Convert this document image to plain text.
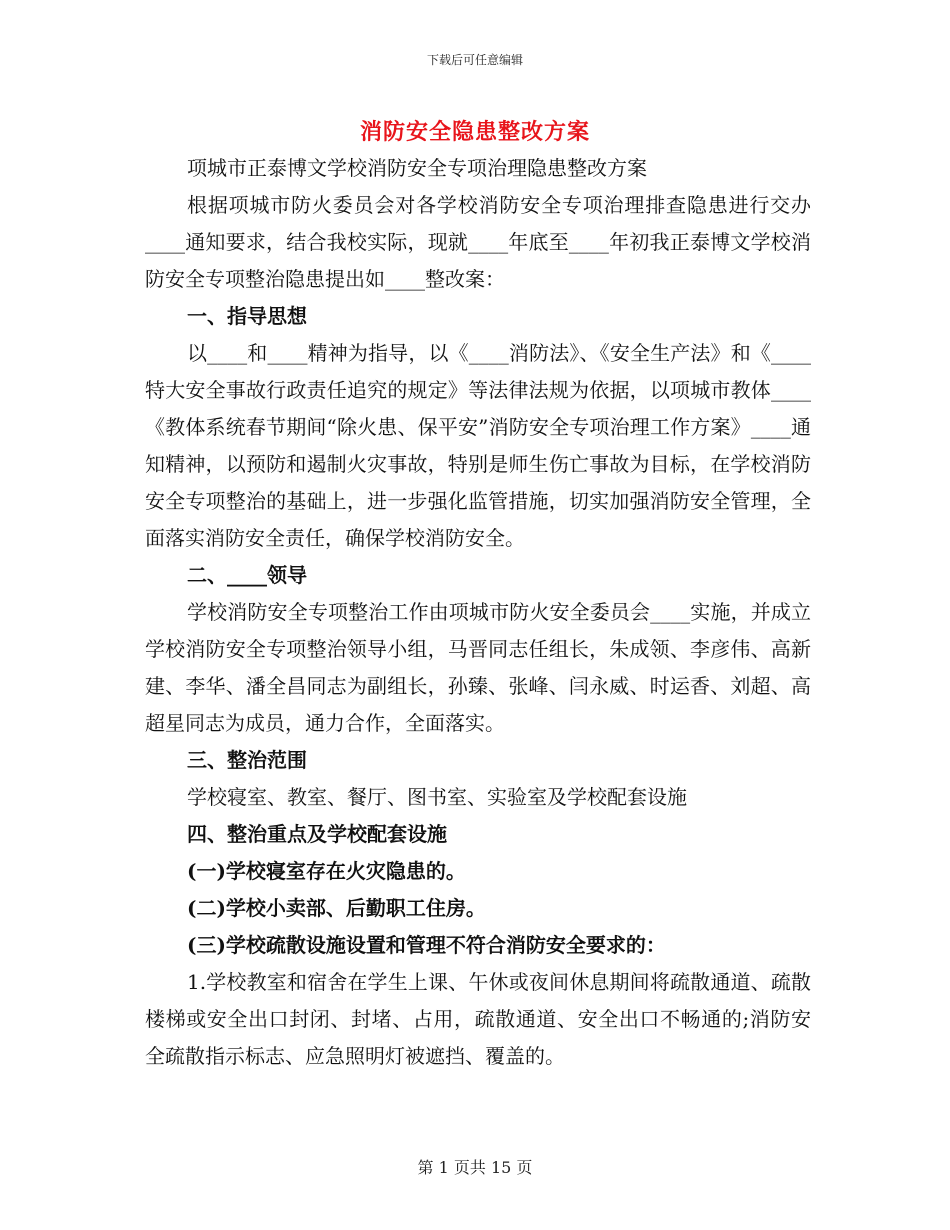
下载后可任意编辑
消防安全隐患整改方案

项城市正泰博文学校消防安全专项治理隐患整改方案

根据项城市防火委员会对各学校消防安全专项治理排查隐患进行交办____通知要求，结合我校实际，现就____年底至____年初我正泰博文学校消防安全专项整治隐患提出如____整改案：

一、指导思想

以____和____精神为指导，以《____消防法》、《安全生产法》和《____特大安全事故行政责任追究的规定》等法律法规为依据，以项城市教体____《教体系统春节期间“除火患、保平安”消防安全专项治理工作方案》____通知精神，以预防和遏制火灾事故，特别是师生伤亡事故为目标，在学校消防安全专项整治的基础上，进一步强化监管措施，切实加强消防安全管理，全面落实消防安全责任，确保学校消防安全。

二、____领导

学校消防安全专项整治工作由项城市防火安全委员会____实施，并成立学校消防安全专项整治领导小组，马晋同志任组长，朱成领、李彦伟、高新建、李华、潘全昌同志为副组长，孙臻、张峰、闫永威、时运香、刘超、高超星同志为成员，通力合作，全面落实。

三、整治范围

学校寝室、教室、餐厅、图书室、实验室及学校配套设施

四、整治重点及学校配套设施

(一)学校寝室存在火灾隐患的。

(二)学校小卖部、后勤职工住房。

(三)学校疏散设施设置和管理不符合消防安全要求的：

1.学校教室和宿舍在学生上课、午休或夜间休息期间将疏散通道、疏散楼梯或安全出口封闭、封堵、占用，疏散通道、安全出口不畅通的;消防安全疏散指示标志、应急照明灯被遮挡、覆盖的。

第 1 页共 15 页
